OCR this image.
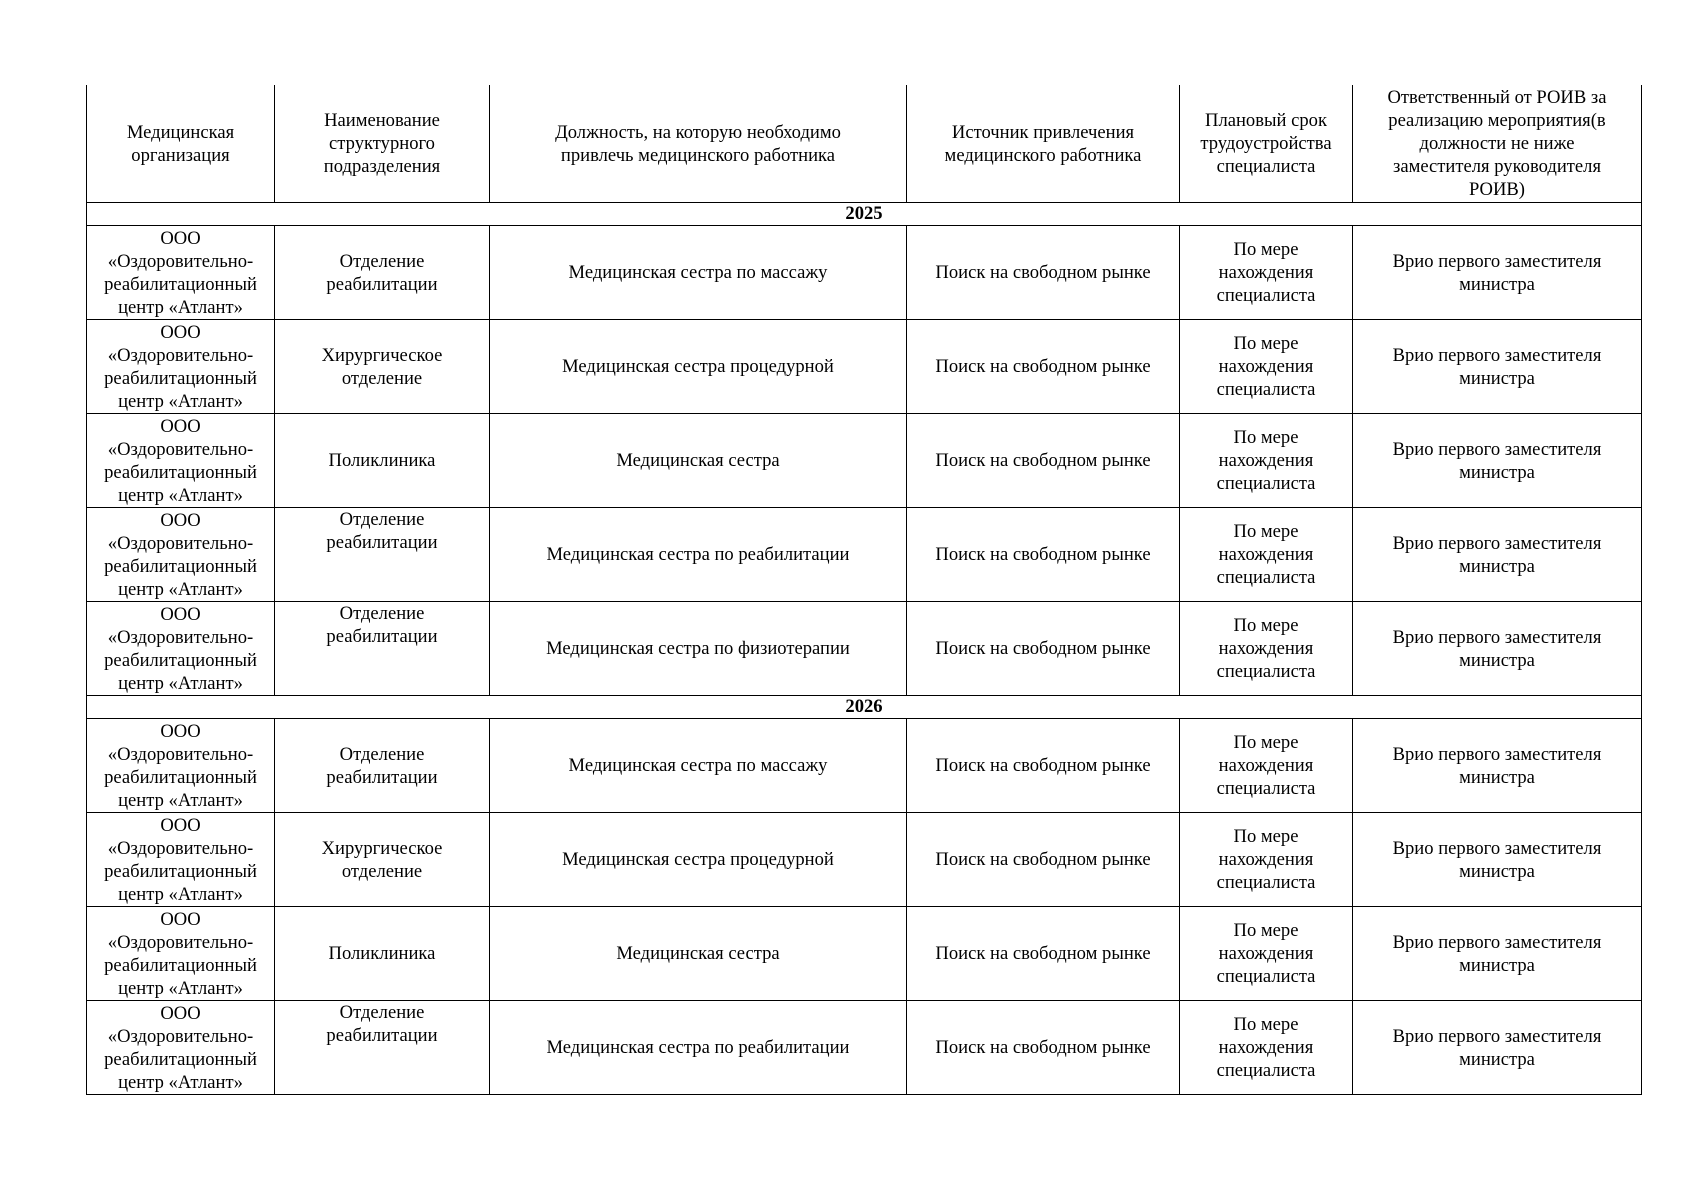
Медицинская
организация	Наименование
структурного
подразделения	Должность, на которую необходимо
привлечь медицинского работника	Источник привлечения
медицинского работника	Плановый срок
трудоустройства
специалиста	Ответственный от РОИВ за
реализацию мероприятия(в
должности не ниже
заместителя руководителя
РОИВ)

2025					

ООО
«Оздоровительно-
реабилитационный
центр «Атлант»	Отделение
реабилитации	Медицинская сестра по массажу	Поиск на свободном рынке	По мере
нахождения
специалиста	Врио первого заместителя
министра

ООО
«Оздоровительно-
реабилитационный
центр «Атлант»	Хирургическое
отделение	Медицинская сестра процедурной	Поиск на свободном рынке	По мере
нахождения
специалиста	Врио первого заместителя
министра

ООО
«Оздоровительно-
реабилитационный
центр «Атлант»	Поликлиника	Медицинская сестра	Поиск на свободном рынке	По мере
нахождения
специалиста	Врио первого заместителя
министра

ООО
«Оздоровительно-
реабилитационный
центр «Атлант»	Отделение
реабилитации	Медицинская сестра по реабилитации	Поиск на свободном рынке	По мере
нахождения
специалиста	Врио первого заместителя
министра

ООО
«Оздоровительно-
реабилитационный
центр «Атлант»	Отделение
реабилитации	Медицинская сестра по физиотерапии	Поиск на свободном рынке	По мере
нахождения
специалиста	Врио первого заместителя
министра

2026					

ООО
«Оздоровительно-
реабилитационный
центр «Атлант»	Отделение
реабилитации	Медицинская сестра по массажу	Поиск на свободном рынке	По мере
нахождения
специалиста	Врио первого заместителя
министра

ООО
«Оздоровительно-
реабилитационный
центр «Атлант»	Хирургическое
отделение	Медицинская сестра процедурной	Поиск на свободном рынке	По мере
нахождения
специалиста	Врио первого заместителя
министра

ООО
«Оздоровительно-
реабилитационный
центр «Атлант»	Поликлиника	Медицинская сестра	Поиск на свободном рынке	По мере
нахождения
специалиста	Врио первого заместителя
министра

ООО
«Оздоровительно-
реабилитационный
центр «Атлант»	Отделение
реабилитации	Медицинская сестра по реабилитации	Поиск на свободном рынке	По мере
нахождения
специалиста	Врио первого заместителя
министра
